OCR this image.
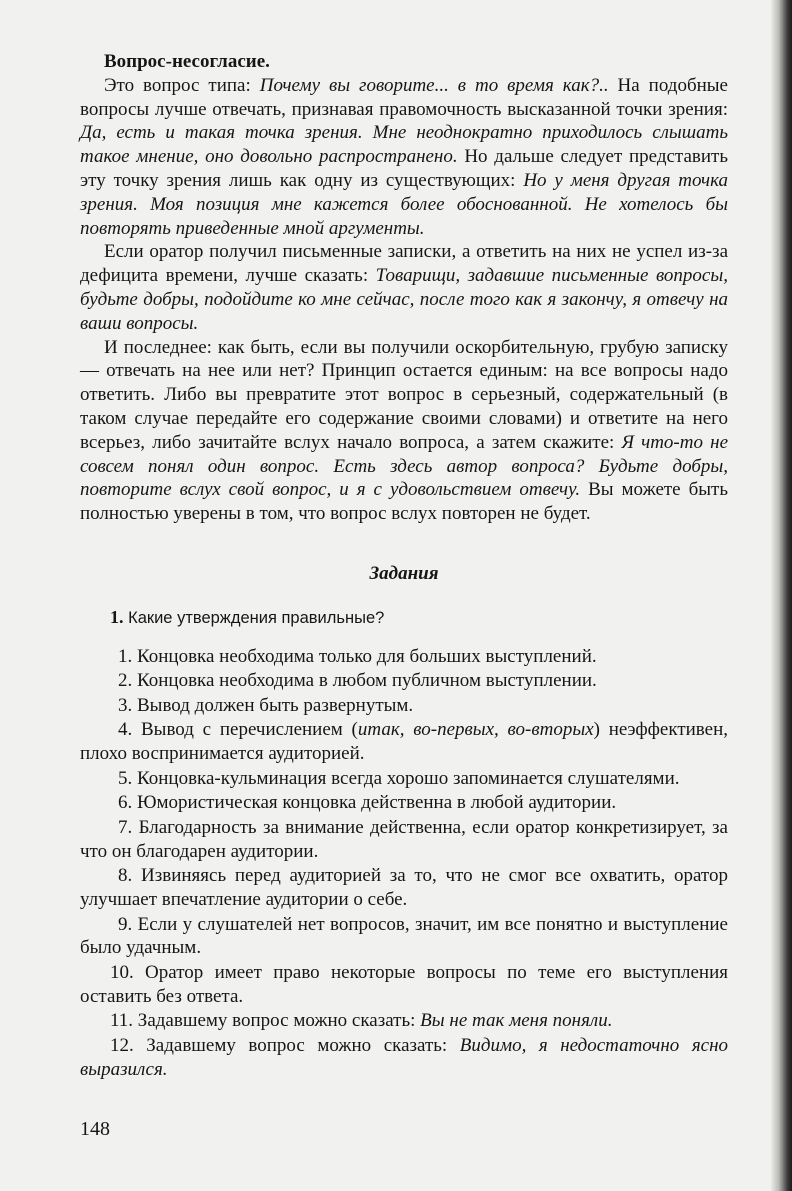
Вопрос-несогласие.

Это вопрос типа: Почему вы говорите... в то время как?.. На подобные вопросы лучше отвечать, признавая правомочность высказанной точки зрения: Да, есть и такая точка зрения. Мне неоднократно приходилось слышать такое мнение, оно довольно распространено. Но дальше следует представить эту точку зрения лишь как одну из существующих: Но у меня другая точка зрения. Моя позиция мне кажется более обоснованной. Не хотелось бы повторять приведенные мной аргументы.

Если оратор получил письменные записки, а ответить на них не успел из-за дефицита времени, лучше сказать: Товарищи, задавшие письменные вопросы, будьте добры, подойдите ко мне сейчас, после того как я закончу, я отвечу на ваши вопросы.

И последнее: как быть, если вы получили оскорбительную, грубую записку — отвечать на нее или нет? Принцип остается единым: на все вопросы надо ответить. Либо вы превратите этот вопрос в серьезный, содержательный (в таком случае передайте его содержание своими словами) и ответите на него всерьез, либо зачитайте вслух начало вопроса, а затем скажите: Я что-то не совсем понял один вопрос. Есть здесь автор вопроса? Будьте добры, повторите вслух свой вопрос, и я с удовольствием отвечу. Вы можете быть полностью уверены в том, что вопрос вслух повторен не будет.

Задания

1. Какие утверждения правильные?

1. Концовка необходима только для больших выступлений.

2. Концовка необходима в любом публичном выступлении.

3. Вывод должен быть развернутым.

4. Вывод с перечислением (итак, во-первых, во-вторых) неэффективен, плохо воспринимается аудиторией.

5. Концовка-кульминация всегда хорошо запоминается слушателями.

6. Юмористическая концовка действенна в любой аудитории.

7. Благодарность за внимание действенна, если оратор конкретизирует, за что он благодарен аудитории.

8. Извиняясь перед аудиторией за то, что не смог все охватить, оратор улучшает впечатление аудитории о себе.

9. Если у слушателей нет вопросов, значит, им все понятно и выступление было удачным.

10. Оратор имеет право некоторые вопросы по теме его выступления оставить без ответа.

11. Задавшему вопрос можно сказать: Вы не так меня поняли.

12. Задавшему вопрос можно сказать: Видимо, я недостаточно ясно выразился.

148
